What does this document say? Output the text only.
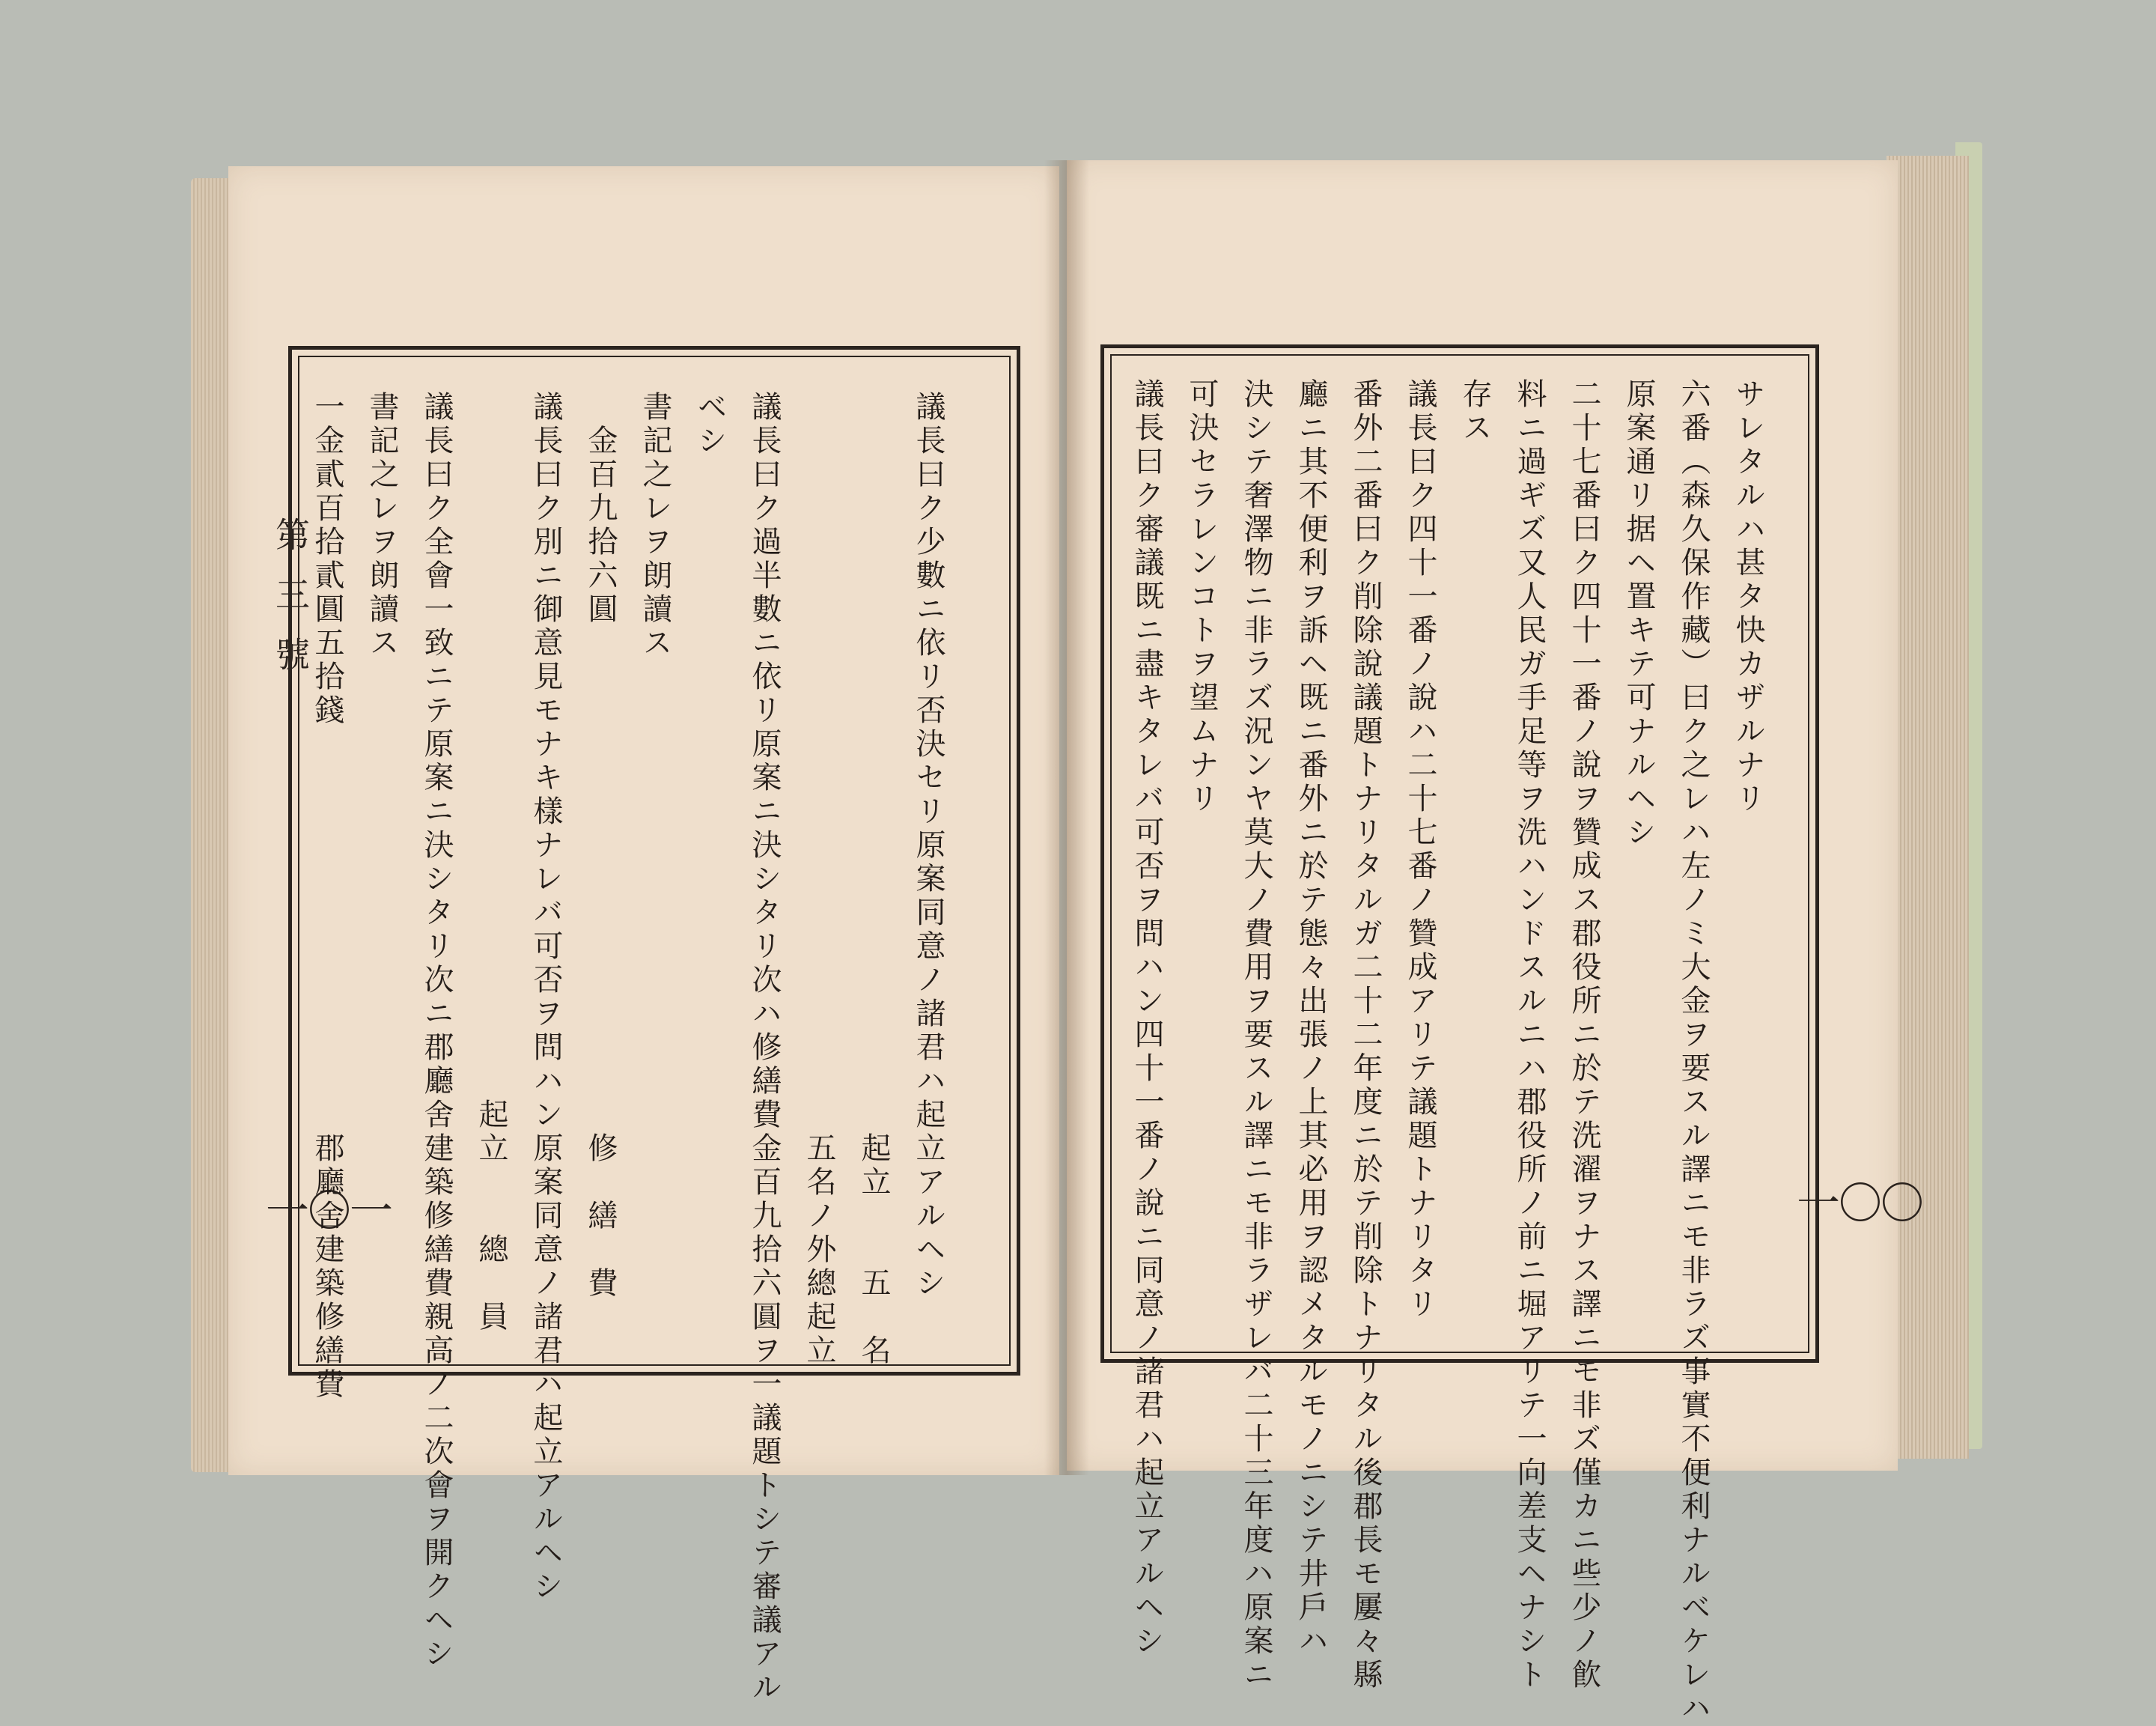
第三號
一〇一	一〇〇
サレタルハ甚タ快カザルナリ
六番（森久保作藏）曰ク之レハ左ノミ大金ヲ要スル譯ニモ非ラズ事實不便利ナルベケレハ
原案通リ据ヘ置キテ可ナルヘシ
二十七番曰ク四十一番ノ說ヲ贊成ス郡役所ニ於テ洗濯ヲナス譯ニモ非ズ僅カニ些少ノ飮
料ニ過ギズ又人民ガ手足等ヲ洗ハンドスルニハ郡役所ノ前ニ堀アリテ一向差支ヘナシト
存ス
議長曰ク四十一番ノ說ハ二十七番ノ贊成アリテ議題トナリタリ
番外二番曰ク削除說議題トナリタルガ二十二年度ニ於テ削除トナリタル後郡長モ屢々縣
廳ニ其不便利ヲ訴ヘ既ニ番外ニ於テ態々出張ノ上其必用ヲ認メタルモノニシテ井戶ハ
決シテ奢澤物ニ非ラズ況ンヤ莫大ノ費用ヲ要スル譯ニモ非ラザレバ二十三年度ハ原案ニ
可決セラレンコトヲ望ムナリ
議長曰ク審議既ニ盡キタレバ可否ヲ問ハン四十一番ノ說ニ同意ノ諸君ハ起立アルヘシ
議長曰ク少數ニ依リ否決セリ原案同意ノ諸君ハ起立アルヘシ
　　　　　　　　　　　　　　　　　　　　　　起立　　五　名
　　　　　　　　　　　　　　　　　　　　　　五名ノ外總起立
議長曰ク過半數ニ依リ原案ニ決シタリ次ハ修繕費金百九拾六圓ヲ一議題トシテ審議アル
ベシ
書記之レヲ朗讀ス
　金百九拾六圓　　　　　　　　　　　　　　　修　繕　費
議長曰ク別ニ御意見モナキ樣ナレバ可否ヲ問ハン原案同意ノ諸君ハ起立アルヘシ
　　　　　　　　　　　　　　　　　　　　　起立　　總　員
議長曰ク全會一致ニテ原案ニ決シタリ次ニ郡廳舍建築修繕費親高ノ二次會ヲ開クヘシ
書記之レヲ朗讀ス
一金貳百拾貳圓五拾錢　　　　　　　　　　　　郡廳舍建築修繕費
